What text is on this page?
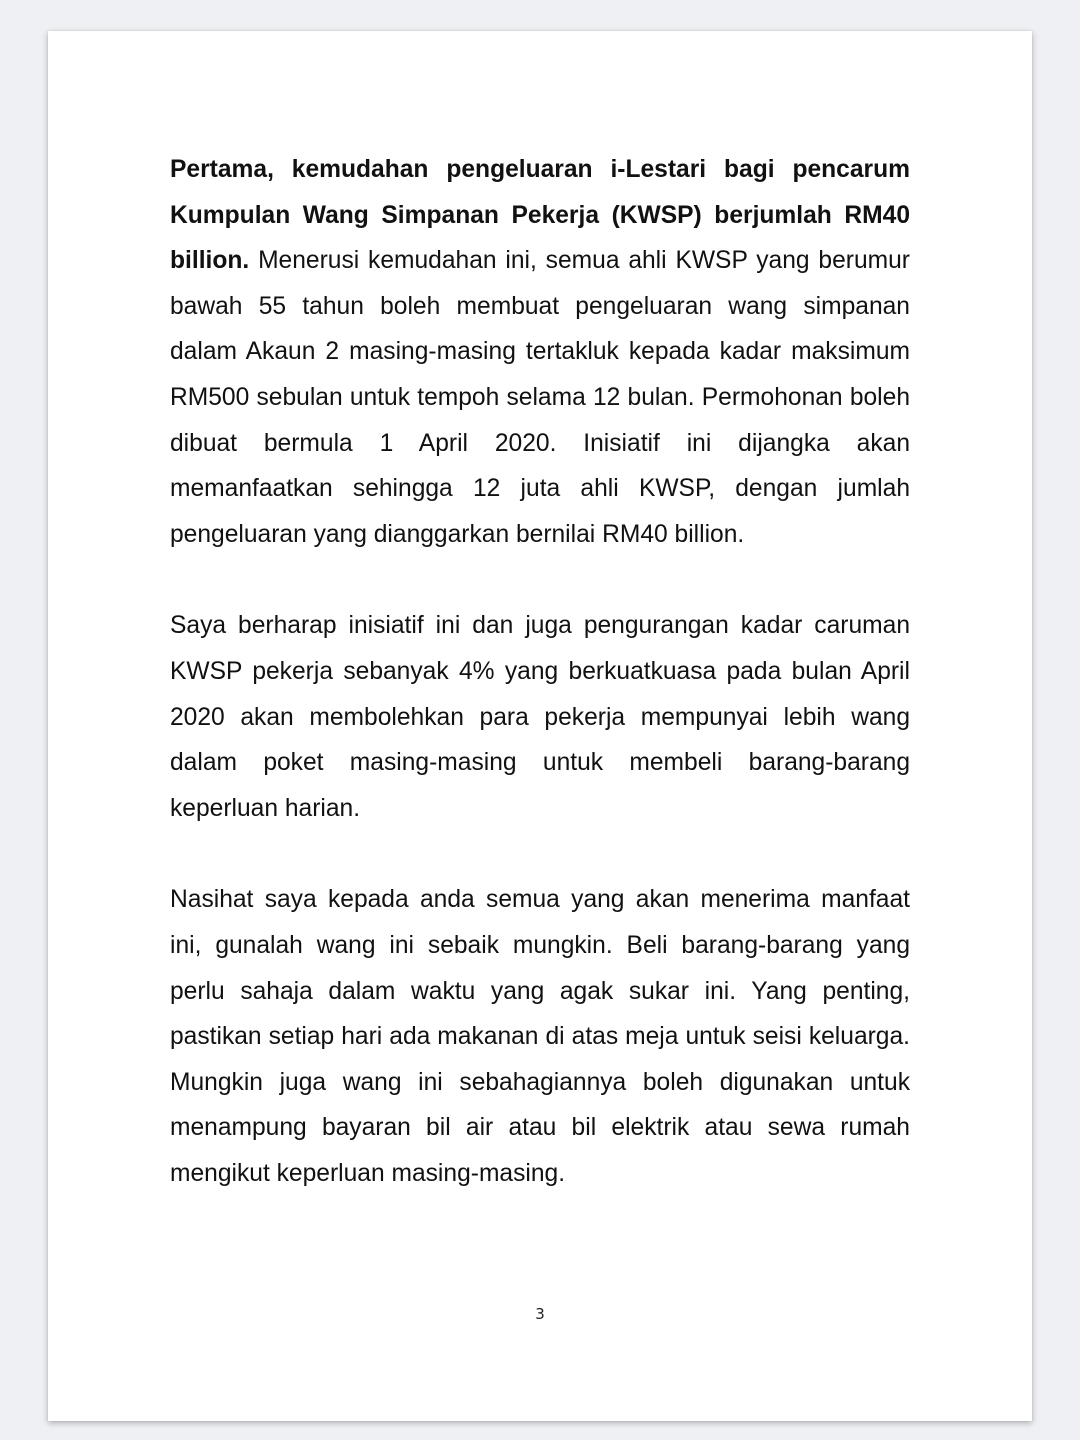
Pertama, kemudahan pengeluaran i-Lestari bagi pencarum Kumpulan Wang Simpanan Pekerja (KWSP) berjumlah RM40 billion. Menerusi kemudahan ini, semua ahli KWSP yang berumur bawah 55 tahun boleh membuat pengeluaran wang simpanan dalam Akaun 2 masing-masing tertakluk kepada kadar maksimum RM500 sebulan untuk tempoh selama 12 bulan. Permohonan boleh dibuat bermula 1 April 2020. Inisiatif ini dijangka akan memanfaatkan sehingga 12 juta ahli KWSP, dengan jumlah pengeluaran yang dianggarkan bernilai RM40 billion.

Saya berharap inisiatif ini dan juga pengurangan kadar caruman KWSP pekerja sebanyak 4% yang berkuatkuasa pada bulan April 2020 akan membolehkan para pekerja mempunyai lebih wang dalam poket masing-masing untuk membeli barang-barang keperluan harian.

Nasihat saya kepada anda semua yang akan menerima manfaat ini, gunalah wang ini sebaik mungkin. Beli barang-barang yang perlu sahaja dalam waktu yang agak sukar ini. Yang penting, pastikan setiap hari ada makanan di atas meja untuk seisi keluarga. Mungkin juga wang ini sebahagiannya boleh digunakan untuk menampung bayaran bil air atau bil elektrik atau sewa rumah mengikut keperluan masing-masing.

3
